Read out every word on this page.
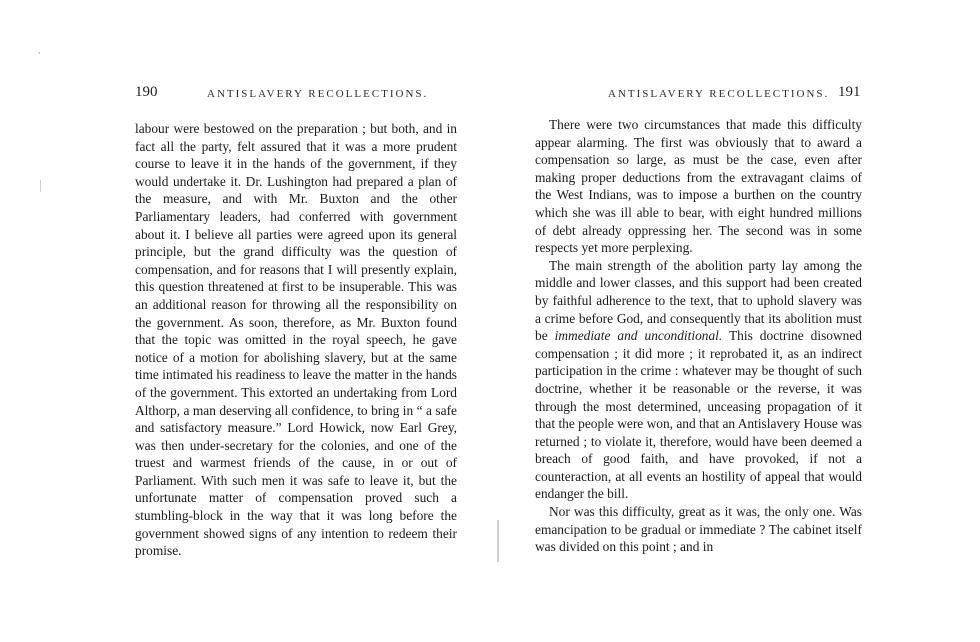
190	ANTISLAVERY RECOLLECTIONS.

labour were bestowed on the preparation ; but both, and in fact all the party, felt assured that it was a more prudent course to leave it in the hands of the government, if they would undertake it. Dr. Lushington had prepared a plan of the measure, and with Mr. Buxton and the other Parliamentary leaders, had conferred with government about it. I believe all parties were agreed upon its general principle, but the grand difficulty was the question of compensation, and for reasons that I will presently explain, this question threatened at first to be insuperable. This was an additional reason for throwing all the responsibility on the government. As soon, therefore, as Mr. Buxton found that the topic was omitted in the royal speech, he gave notice of a motion for abolishing slavery, but at the same time intimated his readiness to leave the matter in the hands of the government. This extorted an undertaking from Lord Althorp, a man deserving all confidence, to bring in “ a safe and satisfactory measure.” Lord Howick, now Earl Grey, was then under-secretary for the colonies, and one of the truest and warmest friends of the cause, in or out of Parliament. With such men it was safe to leave it, but the unfortunate matter of compensation proved such a stumbling-block in the way that it was long before the government showed signs of any intention to redeem their promise.

ANTISLAVERY RECOLLECTIONS. 191

There were two circumstances that made this difficulty appear alarming. The first was obviously that to award a compensation so large, as must be the case, even after making proper deductions from the extravagant claims of the West Indians, was to impose a burthen on the country which she was ill able to bear, with eight hundred millions of debt already oppressing her. The second was in some respects yet more perplexing.

The main strength of the abolition party lay among the middle and lower classes, and this support had been created by faithful adherence to the text, that to uphold slavery was a crime before God, and consequently that its abolition must be immediate and unconditional. This doctrine disowned compensation ; it did more ; it reprobated it, as an indirect participation in the crime : whatever may be thought of such doctrine, whether it be reasonable or the reverse, it was through the most determined, unceasing propagation of it that the people were won, and that an Antislavery House was returned ; to violate it, therefore, would have been deemed a breach of good faith, and have provoked, if not a counteraction, at all events an hostility of appeal that would endanger the bill.

Nor was this difficulty, great as it was, the only one. Was emancipation to be gradual or immediate ? The cabinet itself was divided on this point ; and in
